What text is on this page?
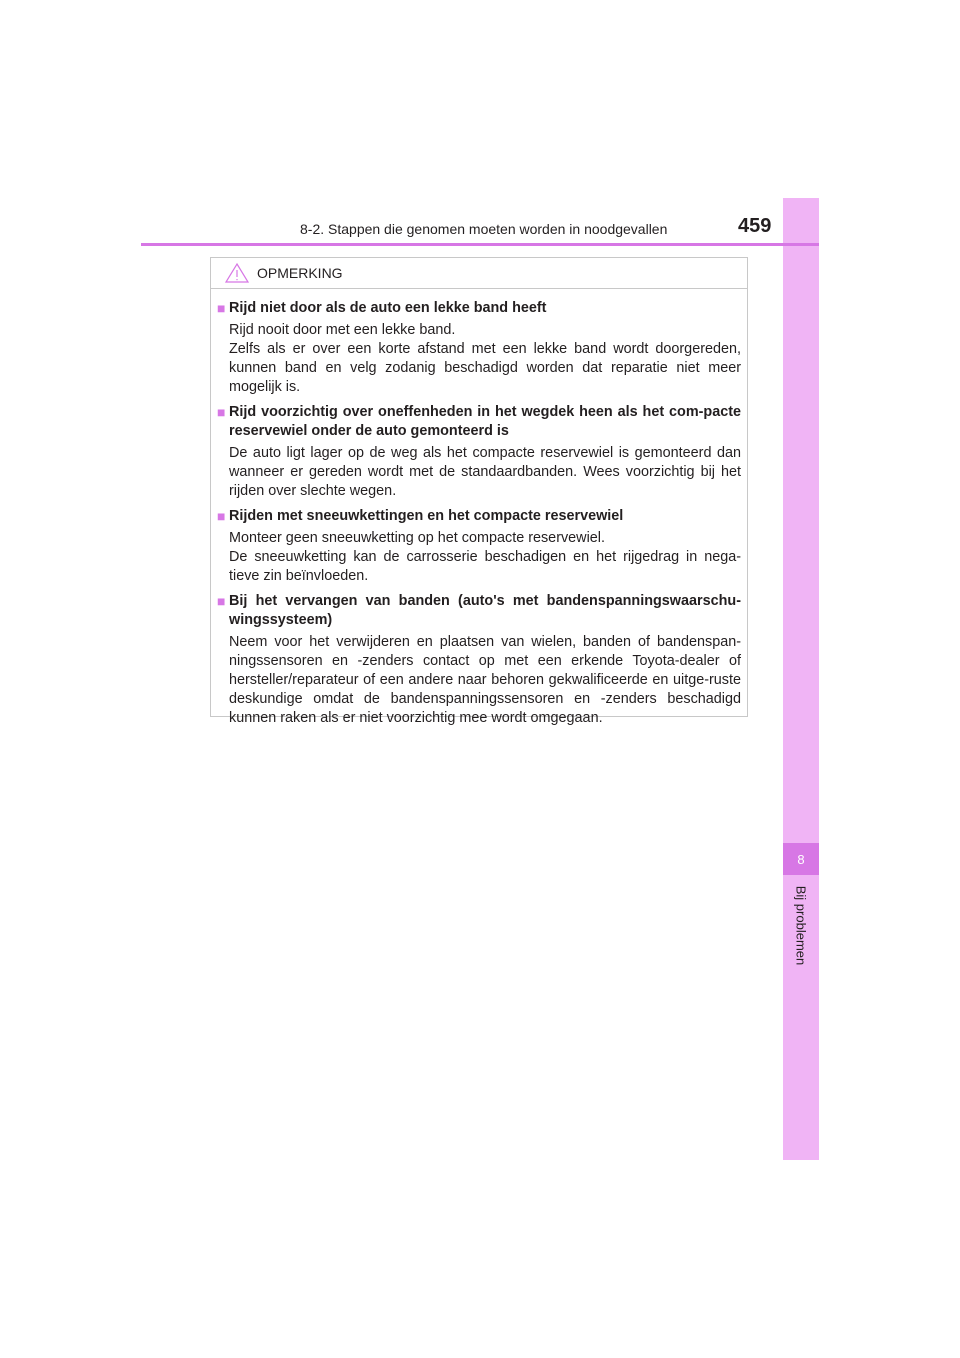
8
Bij problemen
8-2. Stappen die genomen moeten worden in noodgevallen	459
OPMERKING
■ Rijd niet door als de auto een lekke band heeft

Rijd nooit door met een lekke band.

Zelfs als er over een korte afstand met een lekke band wordt doorgereden, kunnen band en velg zodanig beschadigd worden dat reparatie niet meer mogelijk is.

■ Rijd voorzichtig over oneffenheden in het wegdek heen als het com-pacte reservewiel onder de auto gemonteerd is

De auto ligt lager op de weg als het compacte reservewiel is gemonteerd dan wanneer er gereden wordt met de standaardbanden. Wees voorzichtig bij het rijden over slechte wegen.

■ Rijden met sneeuwkettingen en het compacte reservewiel

Monteer geen sneeuwketting op het compacte reservewiel.

De sneeuwketting kan de carrosserie beschadigen en het rijgedrag in nega-tieve zin beïnvloeden.

■ Bij het vervangen van banden (auto's met bandenspanningswaarschu-wingssysteem)

Neem voor het verwijderen en plaatsen van wielen, banden of bandenspan-ningssensoren en -zenders contact op met een erkende Toyota-dealer of hersteller/reparateur of een andere naar behoren gekwalificeerde en uitge-ruste deskundige omdat de bandenspanningssensoren en -zenders beschadigd kunnen raken als er niet voorzichtig mee wordt omgegaan.
